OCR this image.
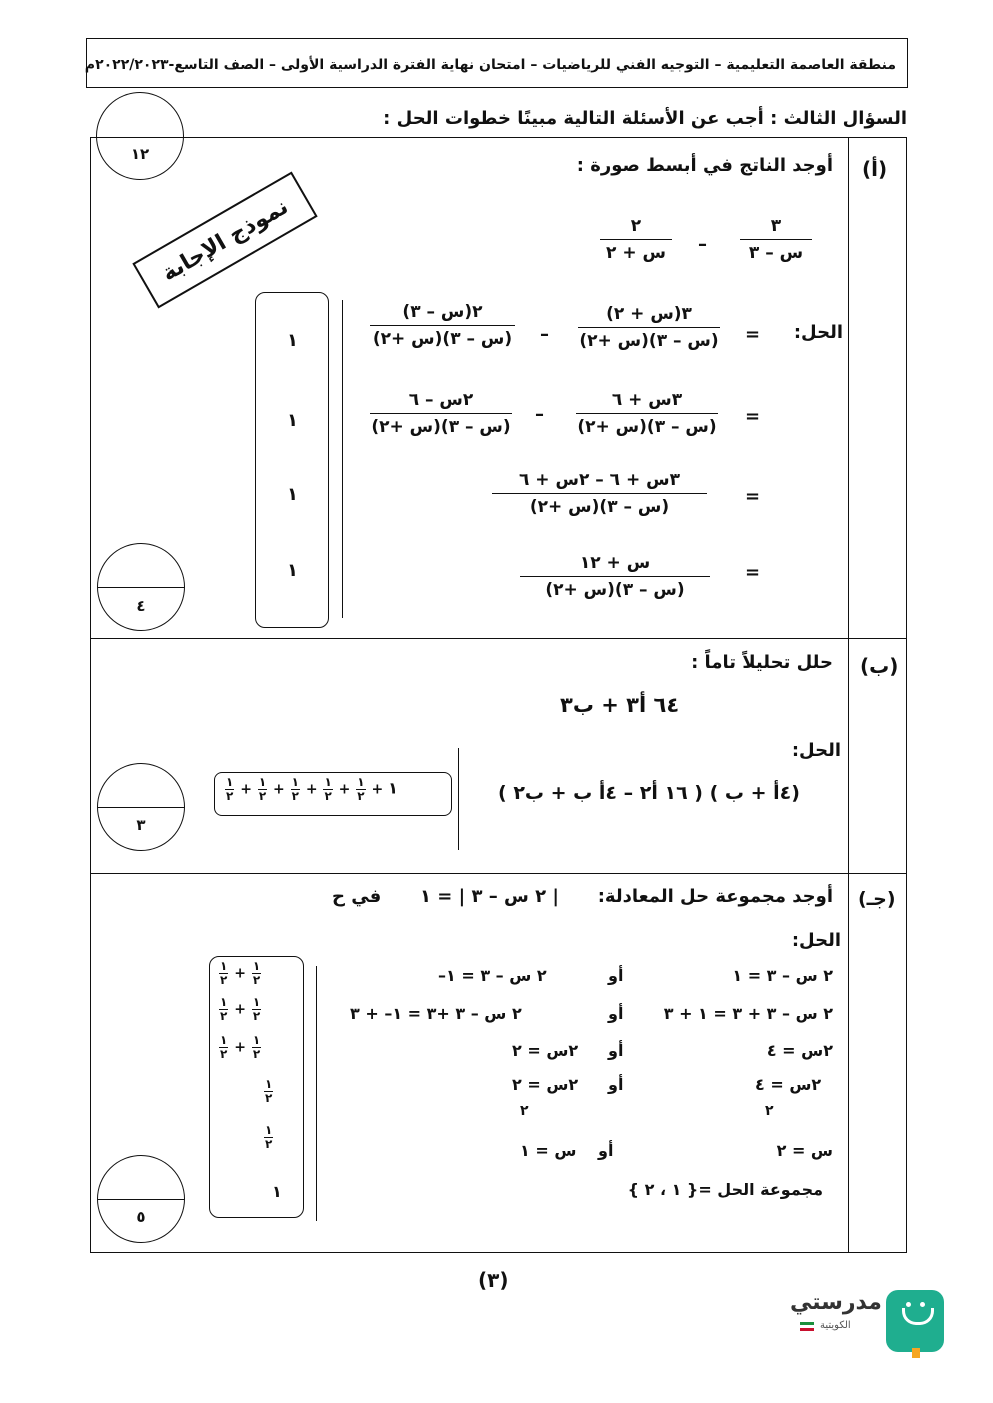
منطقة العاصمة التعليمية – التوجيه الفني للرياضيات – امتحان نهاية الفترة الدراسية الأولى – الصف التاسع-٢٠٢٢/٢٠٢٣م
السؤال الثالث : أجب عن الأسئلة التالية مبينًا خطوات الحل :
١٢
نموذج الإجابة
(أ)
أوجد الناتج في أبسط صورة :
٣
س – ٣
–
٢
س + ٢
الحل:
=
٣(س + ٢)
(س – ٣)(س +٢)
–
٢(س – ٣)
(س – ٣)(س +٢)
=
٣س + ٦
(س – ٣)(س +٢)
–
٢س – ٦
(س – ٣)(س +٢)
=
٣س + ٦ – ٢س + ٦
(س – ٣)(س +٢)
=
س + ١٢
(س – ٣)(س +٢)
١
١
١
١
٤
(ب)
حلل تحليلاً تاماً :
٦٤ أ٣ + ب٣
الحل:
(٤أ + ب ) ( ١٦ أ٢ – ٤أ ب + ب٢ )
١
٢ + ١
٢ + ١
٢ + ١
٢ + ١
٢ + ١
٣
(جـ)
أوجد مجموعة حل المعادلة:
| ٢ س – ٣ | = ١
في ح
الحل:
٢ س – ٣ = ١
أو
٢ س – ٣ = ١–
٢ س – ٣ + ٣ = ١ + ٣
أو
٢ س – ٣ +٣ = ١– + ٣
٢س = ٤
أو
٢س = ٢
٢س = ٤
٢
أو
٢س = ٢
٢
س = ٢
أو
س = ١
مجموعة الحل ={ ١ ، ٢ }
١
٢ + ١
٢
١
٢ + ١
٢
١
٢ + ١
٢
١
٢
١
٢
١
٥
(٣)
مدرستي
الكويتية
